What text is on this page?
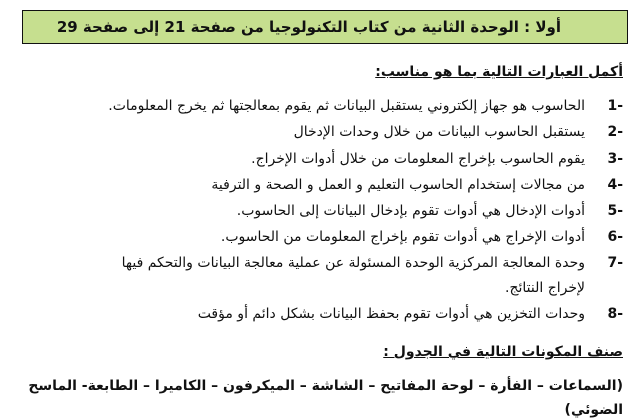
أولا : الوحدة الثانية من كتاب التكنولوجيا من صفحة 21 إلى صفحة 29
أكمل العبارات التالية بما هو مناسب:
-1
الحاسوب هو جهاز إلكتروني يستقبل البيانات ثم يقوم بمعالجتها ثم يخرج المعلومات.
-2
يستقبل الحاسوب البيانات من خلال وحدات الإدخال
-3
يقوم الحاسوب بإخراج المعلومات من خلال أدوات الإخراج.
-4
من مجالات إستخدام الحاسوب التعليم و العمل و الصحة و الترفية
-5
أدوات الإدخال هي أدوات تقوم بإدخال البيانات إلى الحاسوب.
-6
أدوات الإخراج هي أدوات تقوم بإخراج المعلومات من الحاسوب.
-7
وحدة المعالجة المركزية الوحدة المسئولة عن عملية معالجة البيانات والتحكم فيها
لإخراج النتائج.
-8
وحدات التخزين هي أدوات تقوم بحفظ البيانات بشكل دائم أو مؤقت
صنف المكونات التالية في الجدول :
(السماعات – الفأرة – لوحة المفاتيح – الشاشة – الميكرفون – الكاميرا – الطابعة- الماسح
الضوئي)
